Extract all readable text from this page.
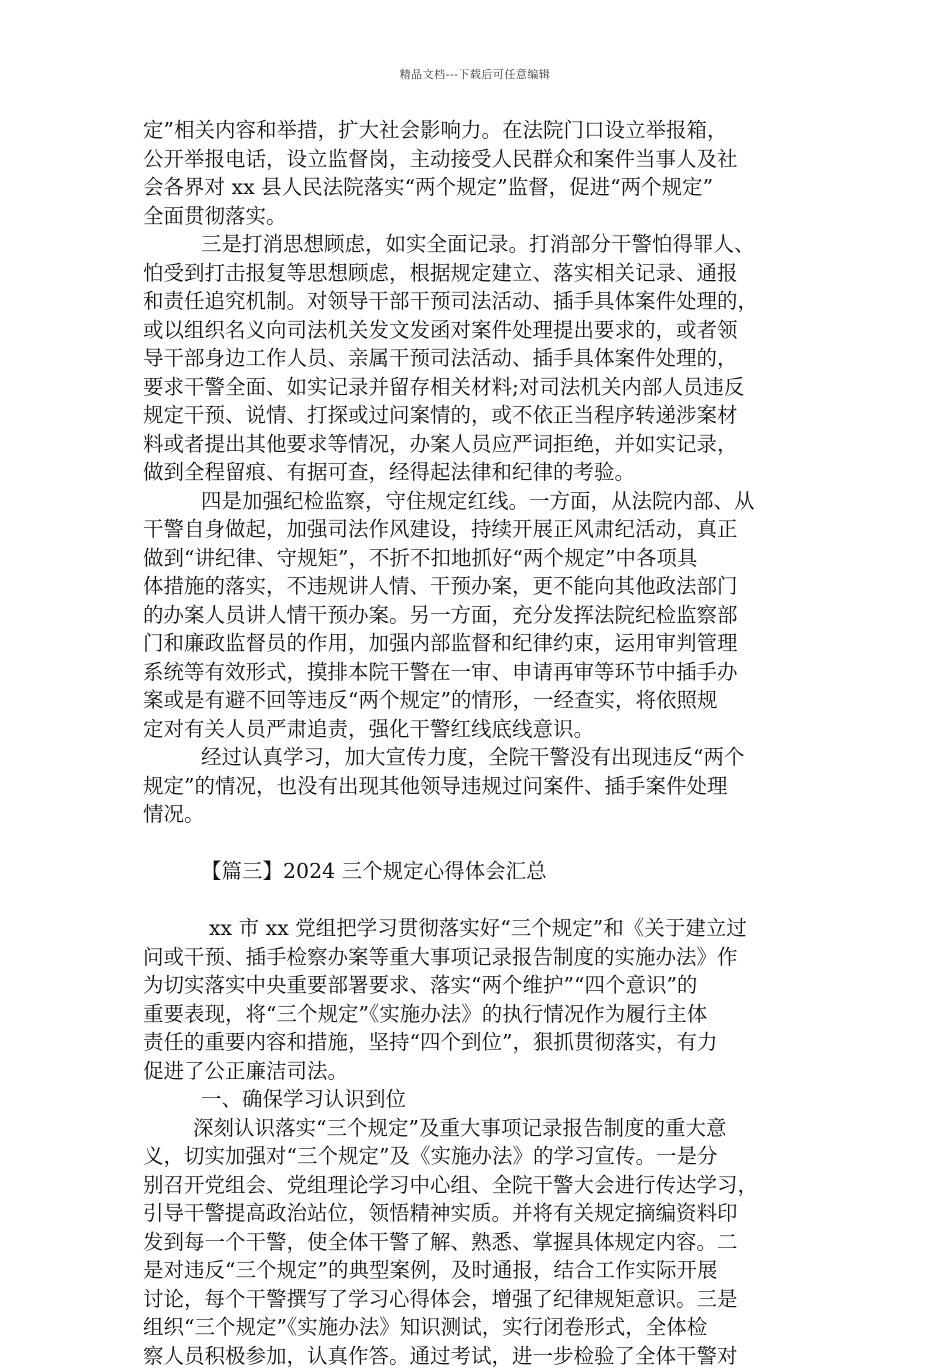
精品文档---下载后可任意编辑
定”相关内容和举措，扩大社会影响力。在法院门口设立举报箱，
公开举报电话，设立监督岗，主动接受人民群众和案件当事人及社
会各界对 xx 县人民法院落实“两个规定”监督，促进“两个规定”
全面贯彻落实。
三是打消思想顾虑，如实全面记录。打消部分干警怕得罪人、
怕受到打击报复等思想顾虑，根据规定建立、落实相关记录、通报
和责任追究机制。对领导干部干预司法活动、插手具体案件处理的，
或以组织名义向司法机关发文发函对案件处理提出要求的，或者领
导干部身边工作人员、亲属干预司法活动、插手具体案件处理的，
要求干警全面、如实记录并留存相关材料;对司法机关内部人员违反
规定干预、说情、打探或过问案情的，或不依正当程序转递涉案材
料或者提出其他要求等情况，办案人员应严词拒绝，并如实记录，
做到全程留痕、有据可查，经得起法律和纪律的考验。
四是加强纪检监察，守住规定红线。一方面，从法院内部、从
干警自身做起，加强司法作风建设，持续开展正风肃纪活动，真正
做到“讲纪律、守规矩”，不折不扣地抓好“两个规定”中各项具
体措施的落实，不违规讲人情、干预办案，更不能向其他政法部门
的办案人员讲人情干预办案。另一方面，充分发挥法院纪检监察部
门和廉政监督员的作用，加强内部监督和纪律约束，运用审判管理
系统等有效形式，摸排本院干警在一审、申请再审等环节中插手办
案或是有避不回等违反“两个规定”的情形，一经查实，将依照规
定对有关人员严肃追责，强化干警红线底线意识。
经过认真学习，加大宣传力度，全院干警没有出现违反“两个
规定”的情况，也没有出现其他领导违规过问案件、插手案件处理
情况。
【篇三】2024 三个规定心得体会汇总
xx 市 xx 党组把学习贯彻落实好“三个规定”和《关于建立过
问或干预、插手检察办案等重大事项记录报告制度的实施办法》作
为切实落实中央重要部署要求、落实“两个维护”“四个意识”的
重要表现，将“三个规定”《实施办法》的执行情况作为履行主体
责任的重要内容和措施，坚持“四个到位”，狠抓贯彻落实，有力
促进了公正廉洁司法。
一、确保学习认识到位
深刻认识落实“三个规定”及重大事项记录报告制度的重大意
义，切实加强对“三个规定”及《实施办法》的学习宣传。一是分
别召开党组会、党组理论学习中心组、全院干警大会进行传达学习，
引导干警提高政治站位，领悟精神实质。并将有关规定摘编资料印
发到每一个干警，使全体干警了解、熟悉、掌握具体规定内容。二
是对违反“三个规定”的典型案例，及时通报，结合工作实际开展
讨论，每个干警撰写了学习心得体会，增强了纪律规矩意识。三是
组织“三个规定”《实施办法》知识测试，实行闭卷形式，全体检
察人员积极参加，认真作答。通过考试，进一步检验了全体干警对
